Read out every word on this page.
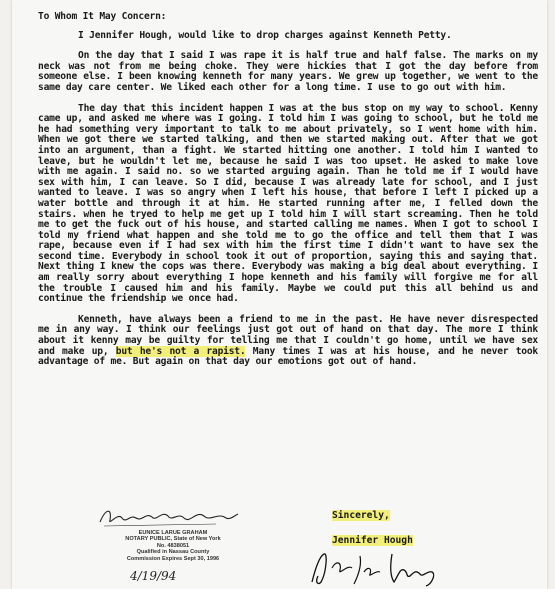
To Whom It May Concern:

I Jennifer Hough, would like to drop charges against Kenneth Petty.

On the day that I said I was rape it is half true and half false. The marks on my neck was not from me being choke. They were hickies that I got the day before from someone else. I been knowing kenneth for many years. We grew up together, we went to the same day care center. We liked each other for a long time. I use to go out with him.

The day that this incident happen I was at the bus stop on my way to school. Kenny came up, and asked me where was I going. I told him I was going to school, but he told me he had something very important to talk to me about privately, so I went home with him. When we got there we started talking, and then we started making out. After that we got into an argument, than a fight. We started hitting one another. I told him I wanted to leave, but he wouldn't let me, because he said I was too upset. He asked to make love with me again. I said no. so we started arguing again. Than he told me if I would have sex with him, I can leave. So I did, because I was already late for school, and I just wanted to leave. I was so angry when I left his house, that before I left I picked up a water bottle and through it at him. He started running after me, I felled down the stairs. when he tryed to help me get up I told him I will start screaming. Then he told me to get the fuck out of his house, and started calling me names. When I got to school I told my friend what happen and she told me to go the office and tell them that I was rape, because even if I had sex with him the first time I didn't want to have sex the second time. Everybody in school took it out of proportion, saying this and saying that. Next thing I knew the cops was there. Everybody was making a big deal about everything. I am really sorry about everything I hope kenneth and his family will forgive me for all the trouble I caused him and his family. Maybe we could put this all behind us and continue the friendship we once had.

Kenneth, have always been a friend to me in the past. He have never disrespected me in any way. I think our feelings just got out of hand on that day. The more I think about it kenny may be guilty for telling me that I couldn't go home, until we have sex and make up, but he's not a rapist. Many times I was at his house, and he never took advantage of me. But again on that day our emotions got out of hand.

EUNICE LARUE GRAHAM
NOTARY PUBLIC, State of New York
No. 4838051
Qualified in Nassau County
Commission Expires Sept 30, 1996
4/19/94
Sincerely,
Jennifer Hough
